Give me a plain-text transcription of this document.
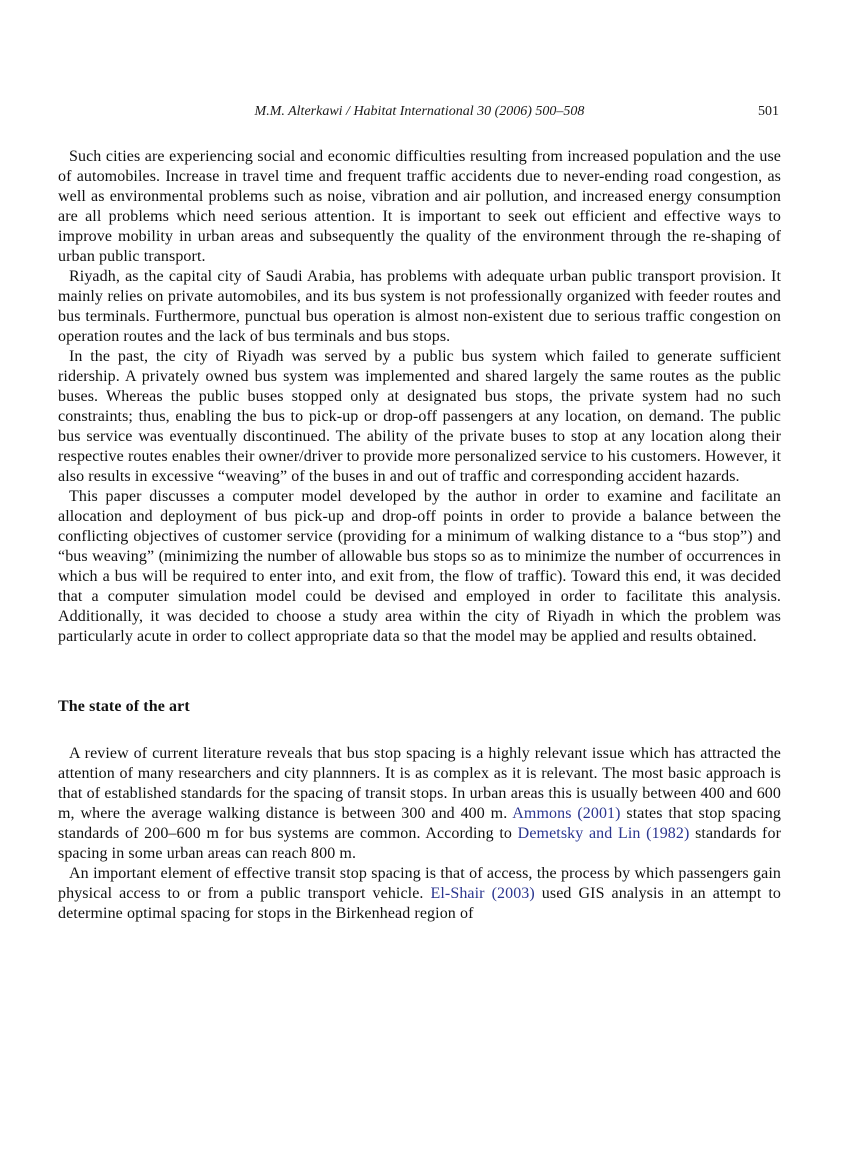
M.M. Alterkawi / Habitat International 30 (2006) 500–508	501

Such cities are experiencing social and economic difficulties resulting from increased population and the use of automobiles. Increase in travel time and frequent traffic accidents due to never-ending road congestion, as well as environmental problems such as noise, vibration and air pollution, and increased energy consumption are all problems which need serious attention. It is important to seek out efficient and effective ways to improve mobility in urban areas and subsequently the quality of the environment through the re-shaping of urban public transport.

Riyadh, as the capital city of Saudi Arabia, has problems with adequate urban public transport provision. It mainly relies on private automobiles, and its bus system is not professionally organized with feeder routes and bus terminals. Furthermore, punctual bus operation is almost non-existent due to serious traffic congestion on operation routes and the lack of bus terminals and bus stops.

In the past, the city of Riyadh was served by a public bus system which failed to generate sufficient ridership. A privately owned bus system was implemented and shared largely the same routes as the public buses. Whereas the public buses stopped only at designated bus stops, the private system had no such constraints; thus, enabling the bus to pick-up or drop-off passengers at any location, on demand. The public bus service was eventually discontinued. The ability of the private buses to stop at any location along their respective routes enables their owner/driver to provide more personalized service to his customers. However, it also results in excessive “weaving” of the buses in and out of traffic and corresponding accident hazards.

This paper discusses a computer model developed by the author in order to examine and facilitate an allocation and deployment of bus pick-up and drop-off points in order to provide a balance between the conflicting objectives of customer service (providing for a minimum of walking distance to a “bus stop”) and “bus weaving” (minimizing the number of allowable bus stops so as to minimize the number of occurrences in which a bus will be required to enter into, and exit from, the flow of traffic). Toward this end, it was decided that a computer simulation model could be devised and employed in order to facilitate this analysis. Additionally, it was decided to choose a study area within the city of Riyadh in which the problem was particularly acute in order to collect appropriate data so that the model may be applied and results obtained.

The state of the art

A review of current literature reveals that bus stop spacing is a highly relevant issue which has attracted the attention of many researchers and city plannners. It is as complex as it is relevant. The most basic approach is that of established standards for the spacing of transit stops. In urban areas this is usually between 400 and 600 m, where the average walking distance is between 300 and 400 m. Ammons (2001) states that stop spacing standards of 200–600 m for bus systems are common. According to Demetsky and Lin (1982) standards for spacing in some urban areas can reach 800 m.

An important element of effective transit stop spacing is that of access, the process by which passengers gain physical access to or from a public transport vehicle. El-Shair (2003) used GIS analysis in an attempt to determine optimal spacing for stops in the Birkenhead region of
